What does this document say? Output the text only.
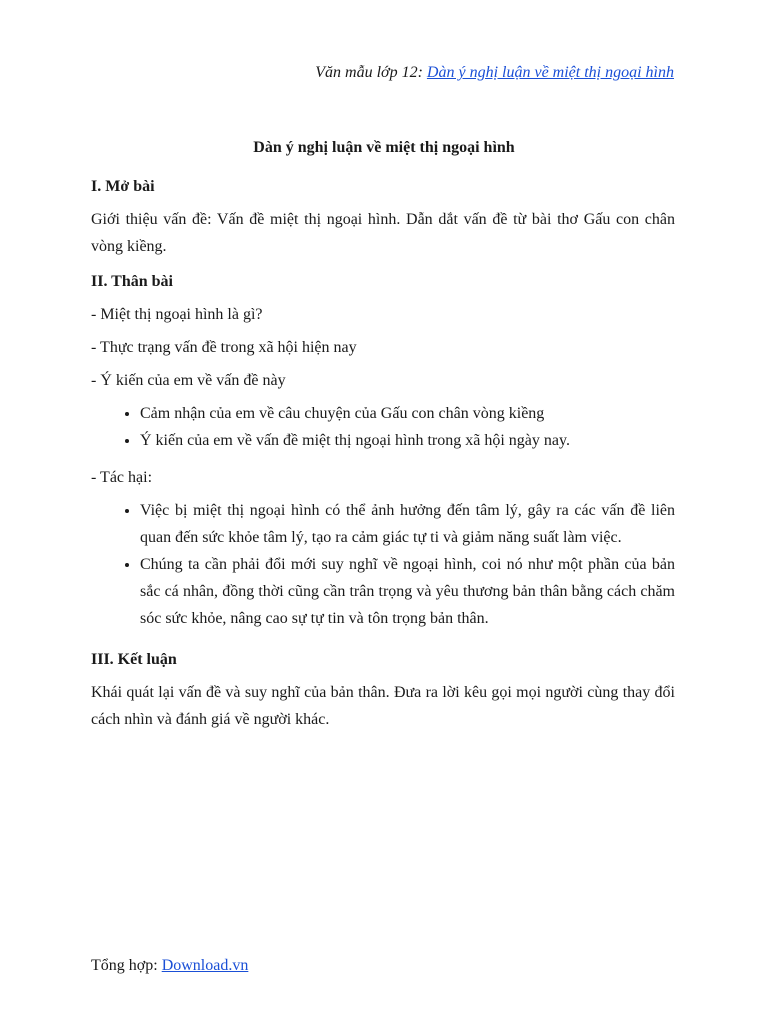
Văn mẫu lớp 12: Dàn ý nghị luận về miệt thị ngoại hình
Dàn ý nghị luận về miệt thị ngoại hình
I. Mở bài
Giới thiệu vấn đề: Vấn đề miệt thị ngoại hình. Dẫn dắt vấn đề từ bài thơ Gấu con chân vòng kiềng.
II. Thân bài
- Miệt thị ngoại hình là gì?
- Thực trạng vấn đề trong xã hội hiện nay
- Ý kiến của em về vấn đề này
• Cảm nhận của em về câu chuyện của Gấu con chân vòng kiềng
• Ý kiến của em về vấn đề miệt thị ngoại hình trong xã hội ngày nay.
- Tác hại:
• Việc bị miệt thị ngoại hình có thể ảnh hưởng đến tâm lý, gây ra các vấn đề liên quan đến sức khỏe tâm lý, tạo ra cảm giác tự ti và giảm năng suất làm việc.
• Chúng ta cần phải đổi mới suy nghĩ về ngoại hình, coi nó như một phần của bản sắc cá nhân, đồng thời cũng cần trân trọng và yêu thương bản thân bằng cách chăm sóc sức khỏe, nâng cao sự tự tin và tôn trọng bản thân.
III. Kết luận
Khái quát lại vấn đề và suy nghĩ của bản thân. Đưa ra lời kêu gọi mọi người cùng thay đổi cách nhìn và đánh giá về người khác.
Tổng hợp: Download.vn
